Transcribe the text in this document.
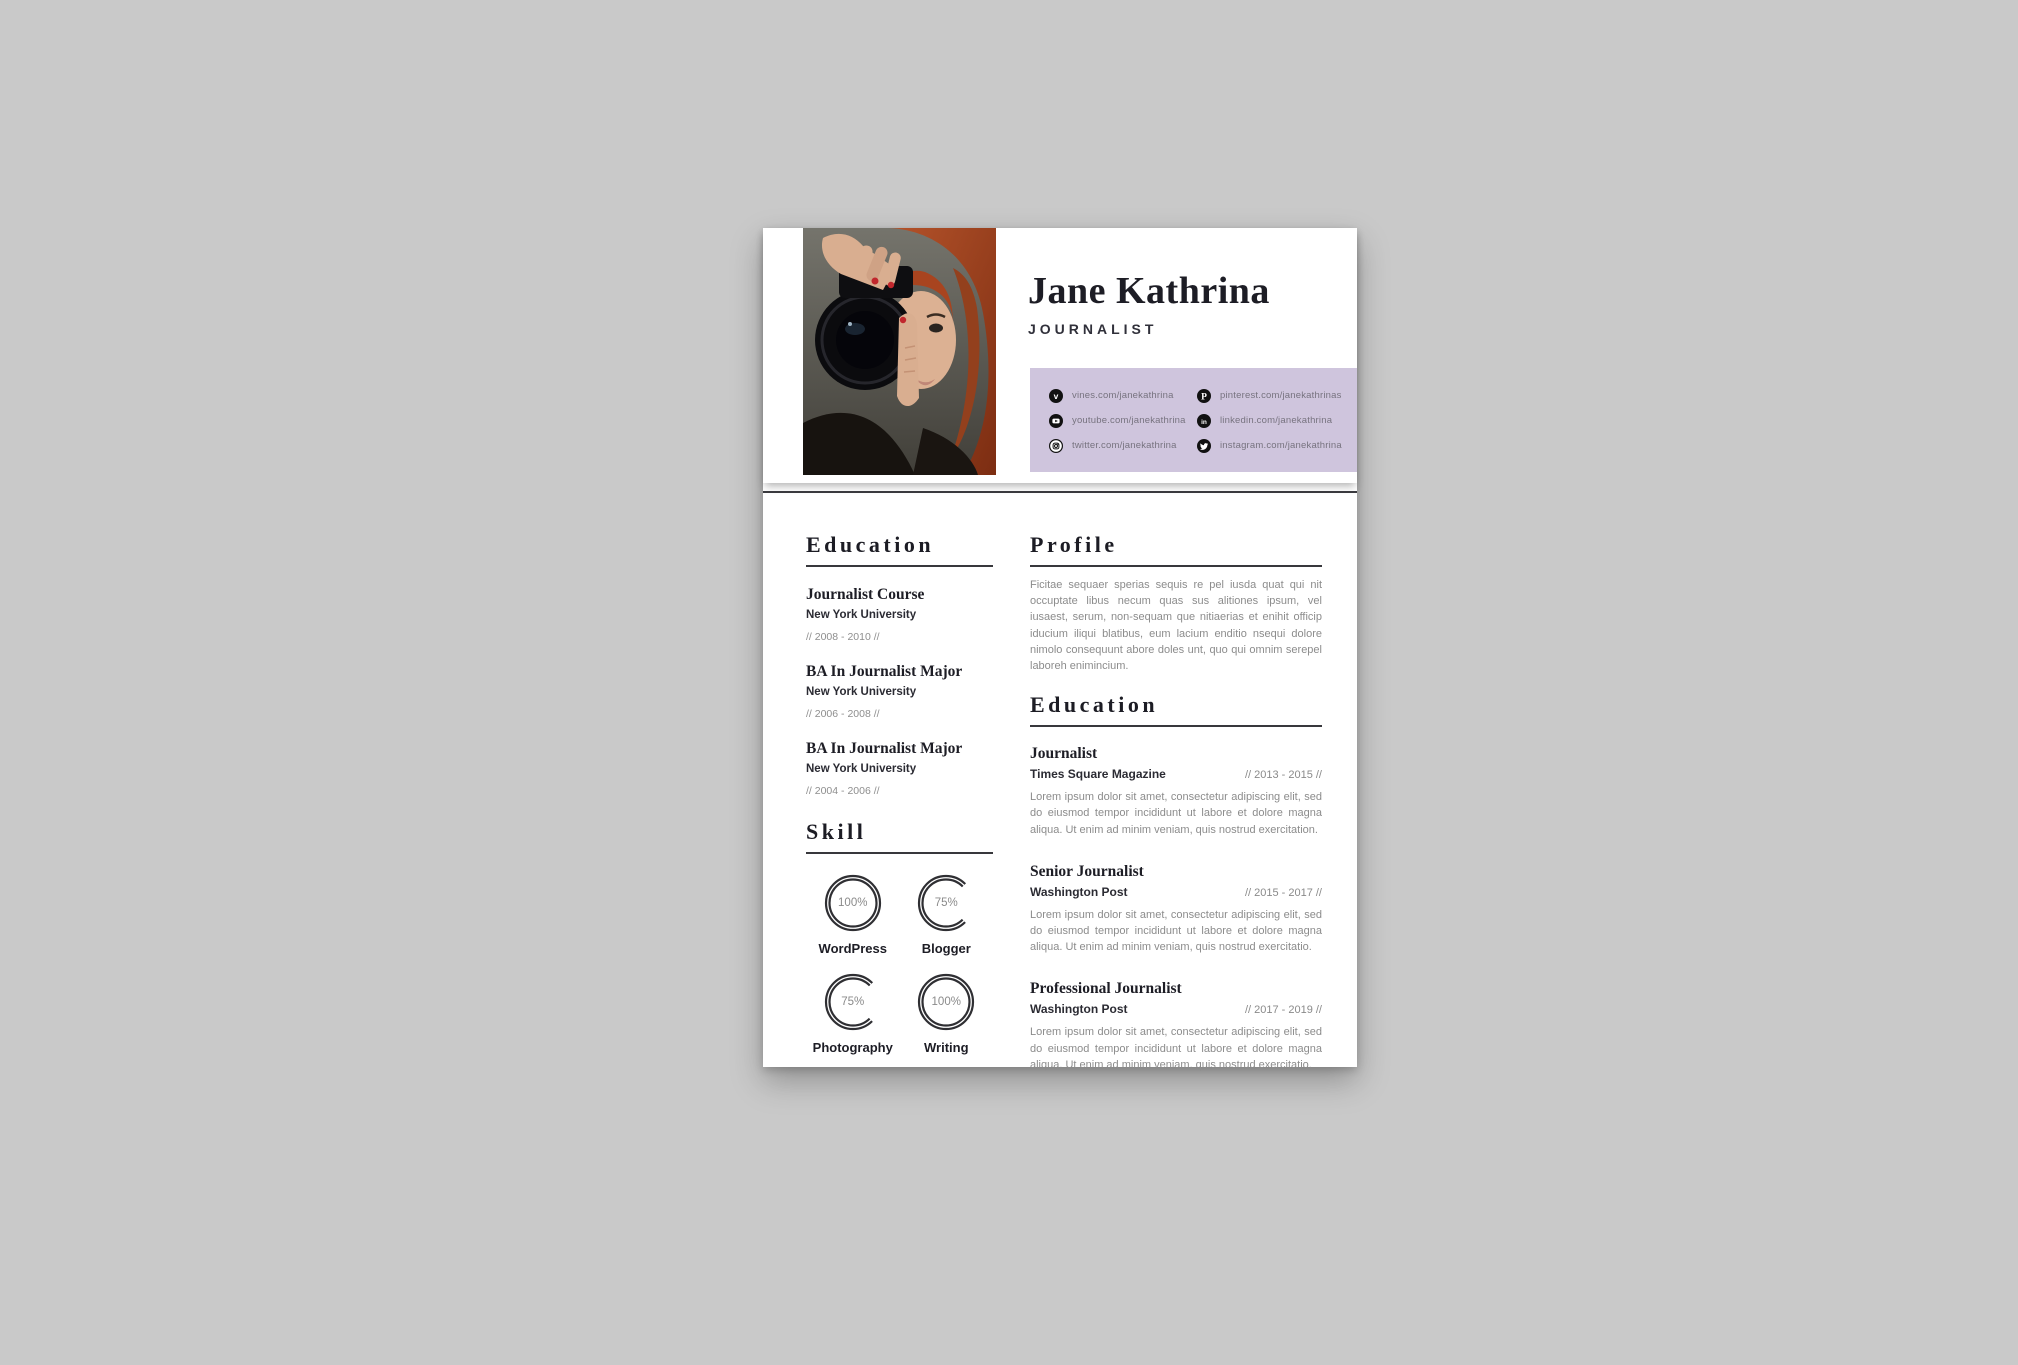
Jane Kathrina
JOURNALIST
v vines.com/janekathrina	P pinterest.com/janekathrinas
youtube.com/janekathrina in linkedin.com/janekathrina
twitter.com/janekathrina	instagram.com/janekathrina
Education
Journalist Course
New York University
// 2008 - 2010 //
BA In Journalist Major
New York University
// 2006 - 2008 //
BA In Journalist Major
New York University
// 2004 - 2006 //
Skill
100%
WordPress
75%
Blogger
75%
Photography
100%
Writing
Profile

Ficitae sequaer sperias sequis re pel iusda quat qui nit occuptate libus necum quas sus alitiones ipsum, vel iusaest, serum, non-sequam que nitiaerias et enihit officip iducium iliqui blatibus, eum lacium enditio nsequi dolore nimolo consequunt abore doles unt, quo qui omnim serepel laboreh enimincium.

Education
Journalist
Times Square Magazine	// 2013 - 2015 //

Lorem ipsum dolor sit amet, consectetur adipiscing elit, sed do eiusmod tempor incididunt ut labore et dolore magna aliqua. Ut enim ad minim veniam, quis nostrud exercitation.

Senior Journalist
Washington Post	// 2015 - 2017 //

Lorem ipsum dolor sit amet, consectetur adipiscing elit, sed do eiusmod tempor incididunt ut labore et dolore magna aliqua. Ut enim ad minim veniam, quis nostrud exercitatio.

Professional Journalist
Washington Post	// 2017 - 2019 //

Lorem ipsum dolor sit amet, consectetur adipiscing elit, sed do eiusmod tempor incididunt ut labore et dolore magna aliqua. Ut enim ad minim veniam, quis nostrud exercitatio.
